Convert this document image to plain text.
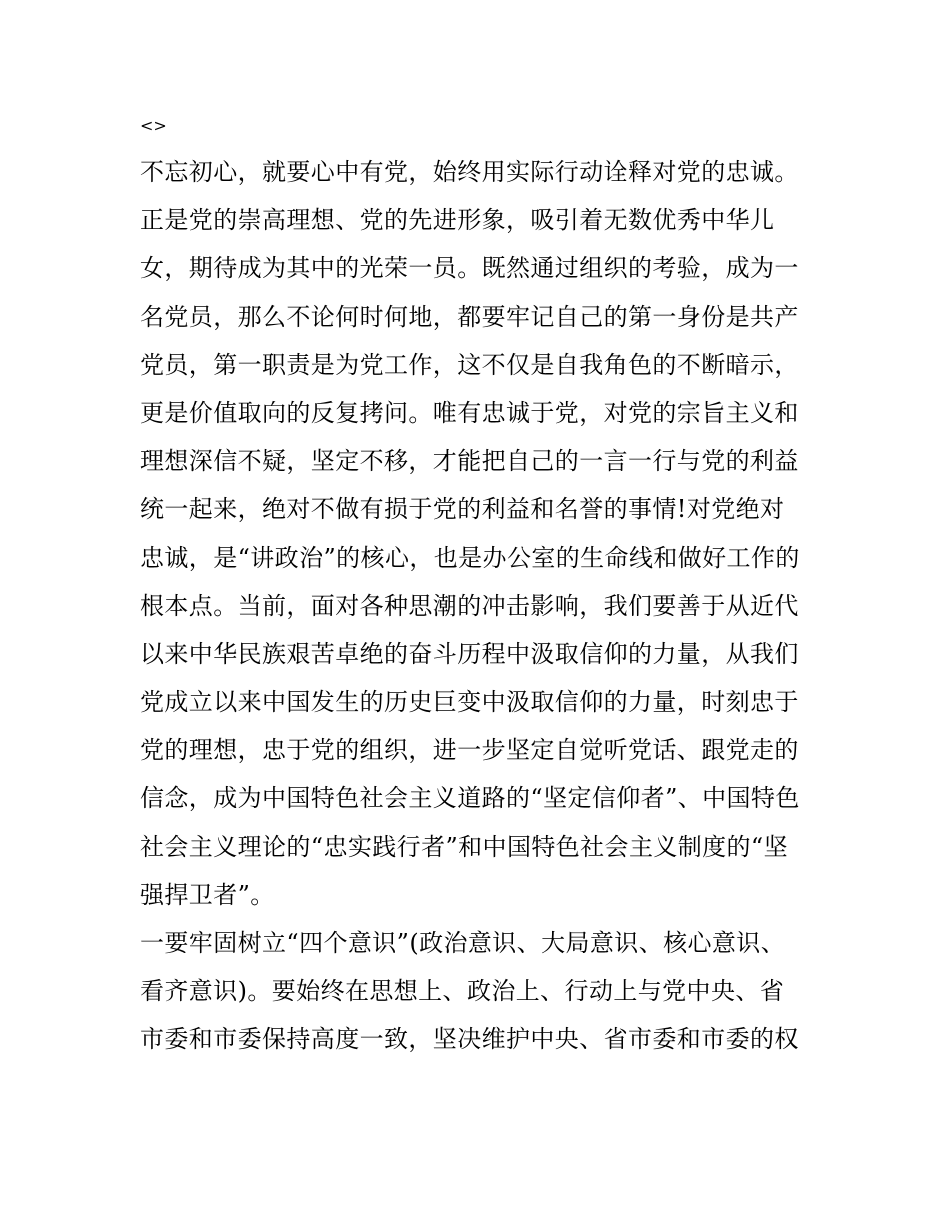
<>
不忘初心，就要心中有党，始终用实际行动诠释对党的忠诚。
正是党的崇高理想、党的先进形象，吸引着无数优秀中华儿
女，期待成为其中的光荣一员。既然通过组织的考验，成为一
名党员，那么不论何时何地，都要牢记自己的第一身份是共产
党员，第一职责是为党工作，这不仅是自我角色的不断暗示，
更是价值取向的反复拷问。唯有忠诚于党，对党的宗旨主义和
理想深信不疑，坚定不移，才能把自己的一言一行与党的利益
统一起来，绝对不做有损于党的利益和名誉的事情!对党绝对
忠诚，是“讲政治”的核心，也是办公室的生命线和做好工作的
根本点。当前，面对各种思潮的冲击影响，我们要善于从近代
以来中华民族艰苦卓绝的奋斗历程中汲取信仰的力量，从我们
党成立以来中国发生的历史巨变中汲取信仰的力量，时刻忠于
党的理想，忠于党的组织，进一步坚定自觉听党话、跟党走的
信念，成为中国特色社会主义道路的“坚定信仰者”、中国特色
社会主义理论的“忠实践行者”和中国特色社会主义制度的“坚
强捍卫者”。
一要牢固树立“四个意识”(政治意识、大局意识、核心意识、
看齐意识)。要始终在思想上、政治上、行动上与党中央、省
市委和市委保持高度一致，坚决维护中央、省市委和市委的权
